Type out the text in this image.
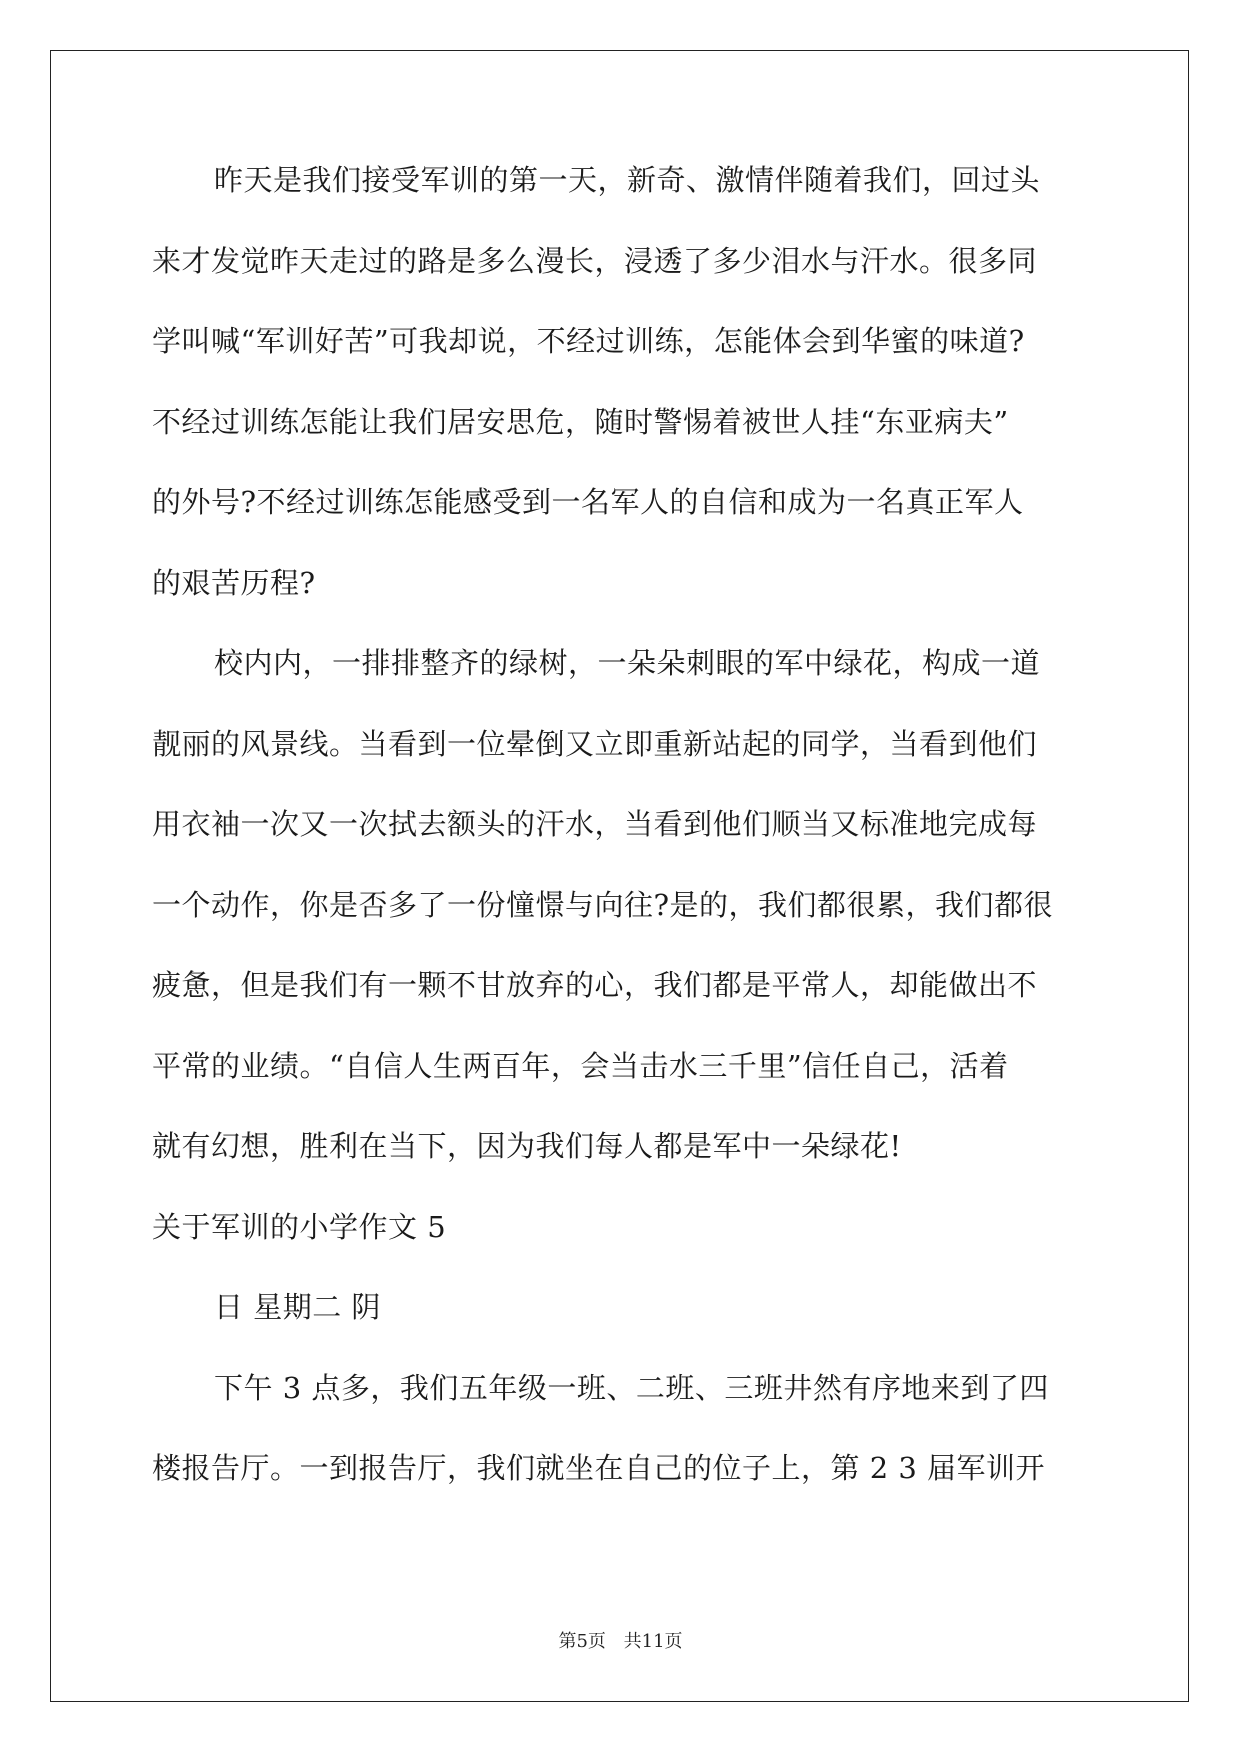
昨天是我们接受军训的第一天，新奇、激情伴随着我们，回过头
来才发觉昨天走过的路是多么漫长，浸透了多少泪水与汗水。很多同
学叫喊“军训好苦”可我却说，不经过训练，怎能体会到华蜜的味道?
不经过训练怎能让我们居安思危，随时警惕着被世人挂“东亚病夫”
的外号?不经过训练怎能感受到一名军人的自信和成为一名真正军人
的艰苦历程?
校内内，一排排整齐的绿树，一朵朵刺眼的军中绿花，构成一道
靓丽的风景线。当看到一位晕倒又立即重新站起的同学，当看到他们
用衣袖一次又一次拭去额头的汗水，当看到他们顺当又标准地完成每
一个动作，你是否多了一份憧憬与向往?是的，我们都很累，我们都很
疲惫，但是我们有一颗不甘放弃的心，我们都是平常人，却能做出不
平常的业绩。“自信人生两百年，会当击水三千里”信任自己，活着
就有幻想，胜利在当下，因为我们每人都是军中一朵绿花!
关于军训的小学作文 5
日 星期二 阴
下午 3 点多，我们五年级一班、二班、三班井然有序地来到了四
楼报告厅。一到报告厅，我们就坐在自己的位子上，第 2 3 届军训开
第5页 共11页
